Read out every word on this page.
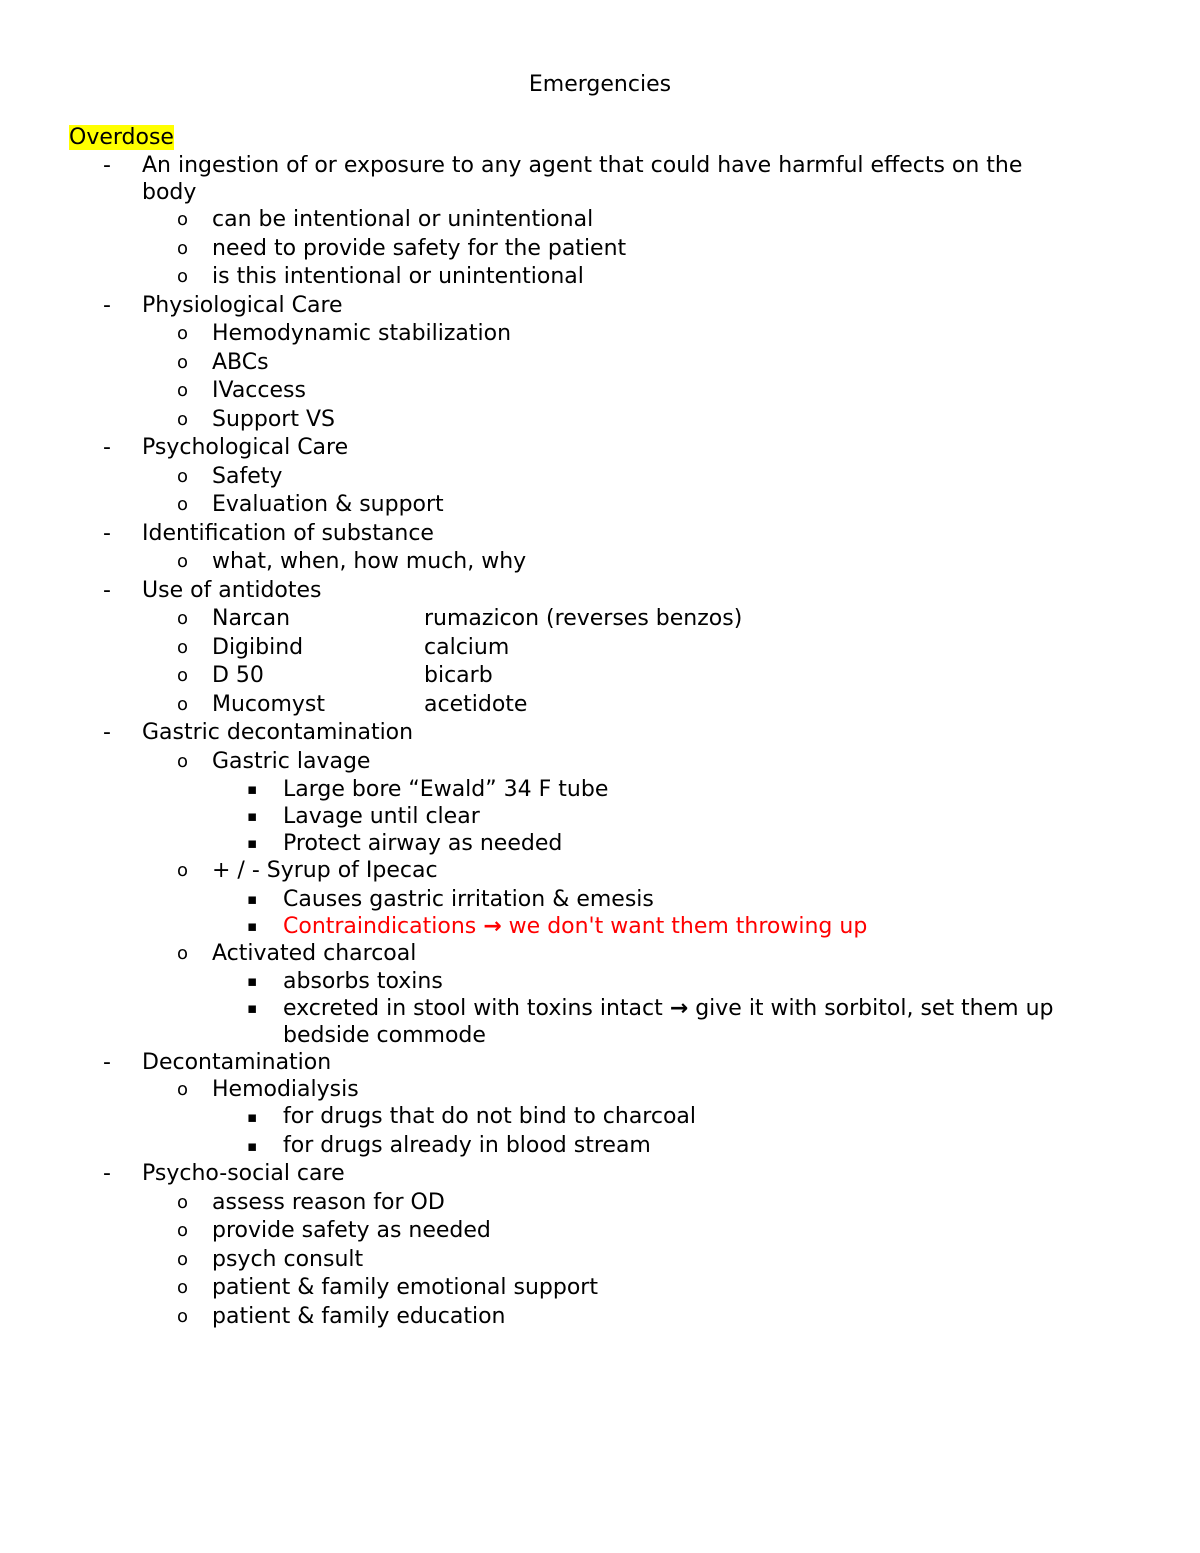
Emergencies
Overdose
- An ingestion of or exposure to any agent that could have harmful effects on the
body
o can be intentional or unintentional
o need to provide safety for the patient
o is this intentional or unintentional
- Physiological Care
o Hemodynamic stabilization
o ABCs
o IVaccess
o Support VS
- Psychological Care
o Safety
o Evaluation & support
- Identification of substance
o what, when, how much, why
- Use of antidotes
o Narcan	rumazicon (reverses benzos)
o Digibind	calcium
o D 50	bicarb
o Mucomyst	acetidote
- Gastric decontamination
o Gastric lavage
▪ Large bore “Ewald” 34 F tube
▪ Lavage until clear
▪ Protect airway as needed
o + / - Syrup of Ipecac
▪ Causes gastric irritation & emesis
▪ Contraindications → we don't want them throwing up
o Activated charcoal
▪ absorbs toxins
▪ excreted in stool with toxins intact → give it with sorbitol, set them up
bedside commode
- Decontamination
o Hemodialysis
▪ for drugs that do not bind to charcoal
▪ for drugs already in blood stream
- Psycho-social care
o assess reason for OD
o provide safety as needed
o psych consult
o patient & family emotional support
o patient & family education
